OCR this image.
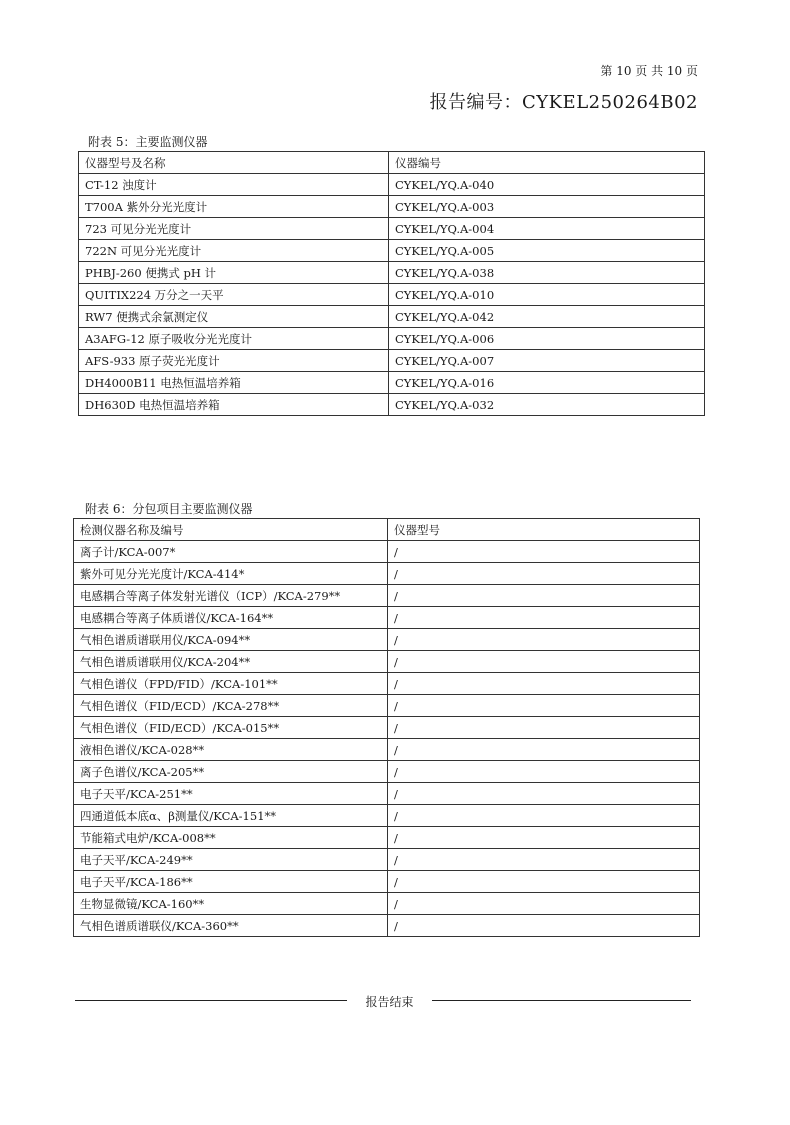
第 10 页 共 10 页
报告编号：CYKEL250264B02
附表 5：主要监测仪器
仪器型号及名称	仪器编号
CT-12 浊度计	CYKEL/YQ.A-040
T700A 紫外分光光度计	CYKEL/YQ.A-003
723 可见分光光度计	CYKEL/YQ.A-004
722N 可见分光光度计	CYKEL/YQ.A-005
PHBJ-260 便携式 pH 计	CYKEL/YQ.A-038
QUITIX224 万分之一天平	CYKEL/YQ.A-010
RW7 便携式余氯测定仪	CYKEL/YQ.A-042
A3AFG-12 原子吸收分光光度计	CYKEL/YQ.A-006
AFS-933 原子荧光光度计	CYKEL/YQ.A-007
DH4000B11 电热恒温培养箱	CYKEL/YQ.A-016
DH630D 电热恒温培养箱	CYKEL/YQ.A-032
附表 6：分包项目主要监测仪器
检测仪器名称及编号	仪器型号
离子计/KCA-007*	/
紫外可见分光光度计/KCA-414*	/
电感耦合等离子体发射光谱仪（ICP）/KCA-279**	/
电感耦合等离子体质谱仪/KCA-164**	/
气相色谱质谱联用仪/KCA-094**	/
气相色谱质谱联用仪/KCA-204**	/
气相色谱仪（FPD/FID）/KCA-101**	/
气相色谱仪（FID/ECD）/KCA-278**	/
气相色谱仪（FID/ECD）/KCA-015**	/
液相色谱仪/KCA-028**	/
离子色谱仪/KCA-205**	/
电子天平/KCA-251**	/
四通道低本底α、β测量仪/KCA-151**	/
节能箱式电炉/KCA-008**	/
电子天平/KCA-249**	/
电子天平/KCA-186**	/
生物显微镜/KCA-160**	/
气相色谱质谱联仪/KCA-360**	/
报告结束
